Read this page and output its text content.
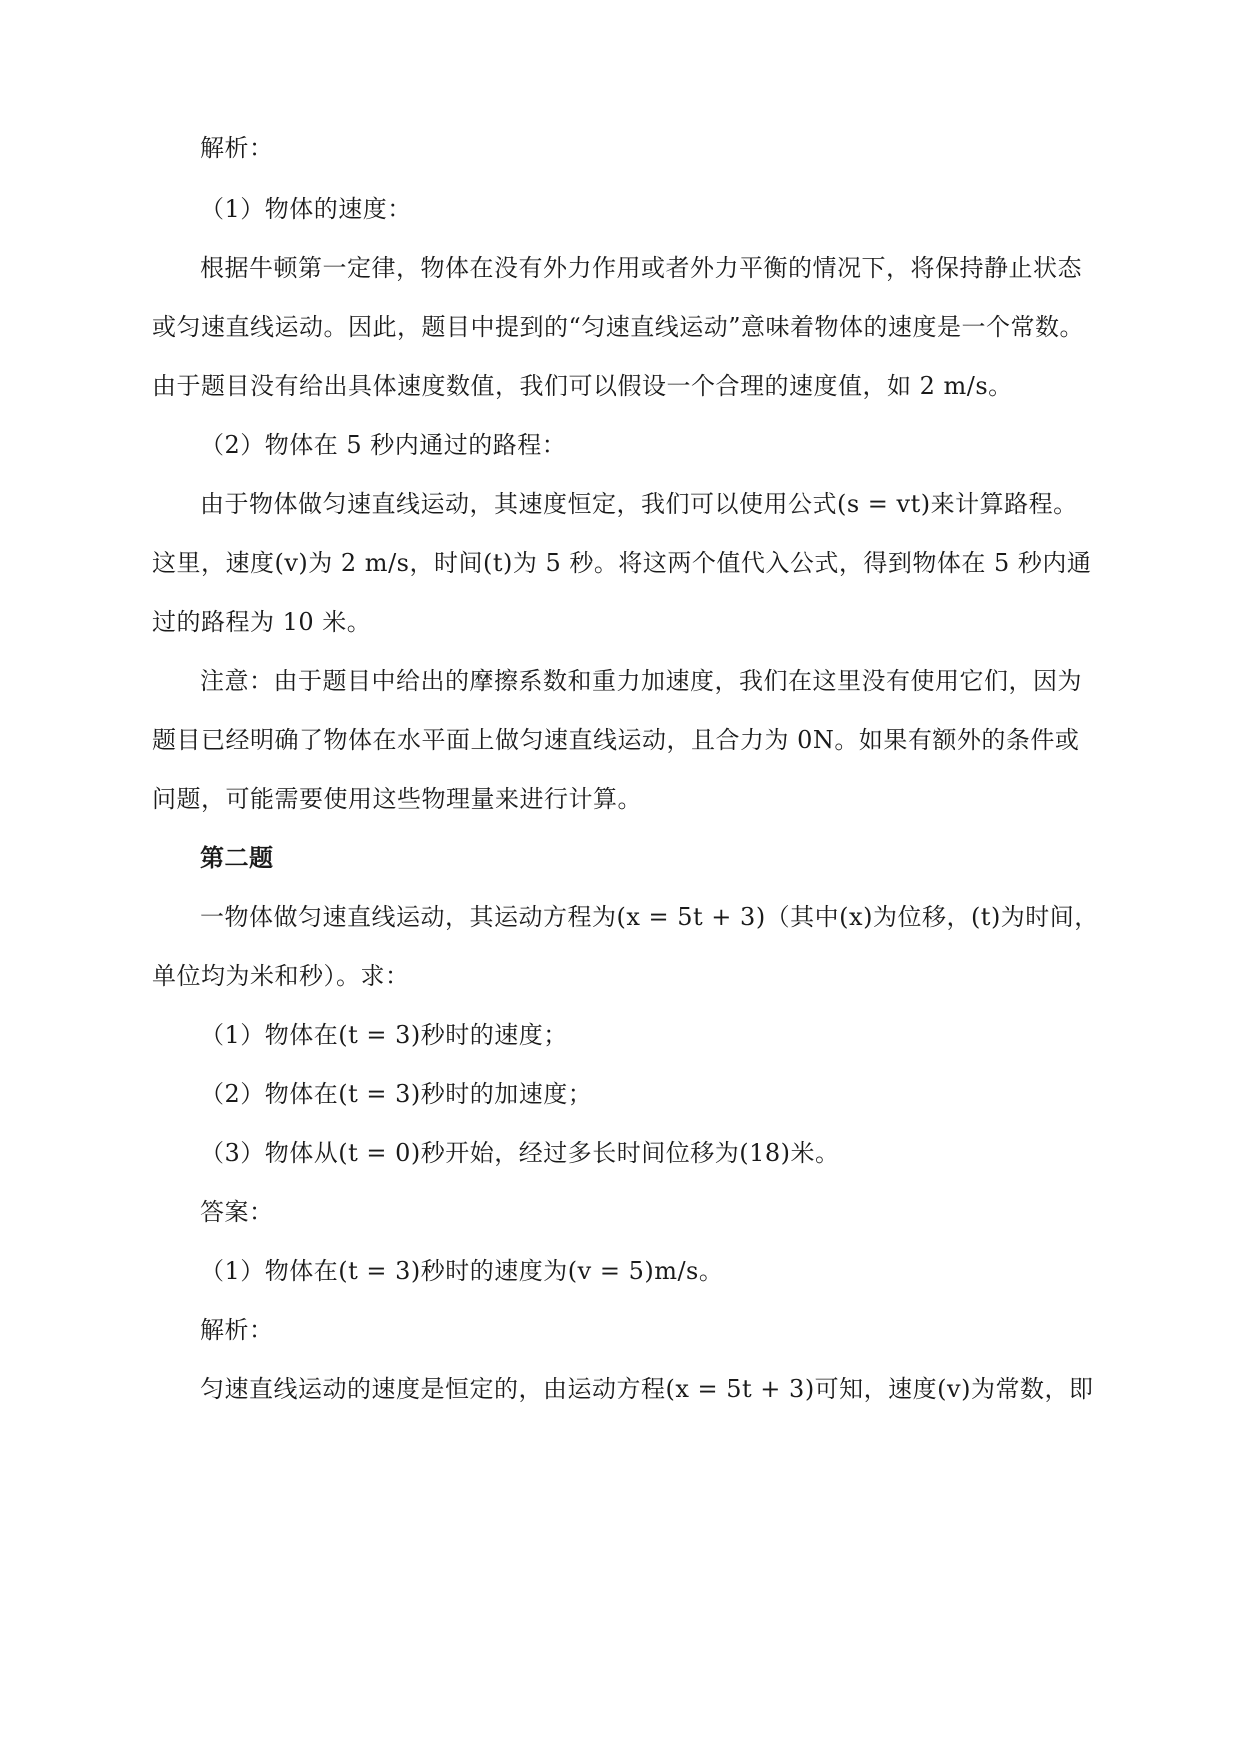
解析：

（1）物体的速度：

根据牛顿第一定律，物体在没有外力作用或者外力平衡的情况下，将保持静止状态

或匀速直线运动。因此，题目中提到的“匀速直线运动”意味着物体的速度是一个常数。

由于题目没有给出具体速度数值，我们可以假设一个合理的速度值，如 2 m/s。

（2）物体在 5 秒内通过的路程：

由于物体做匀速直线运动，其速度恒定，我们可以使用公式(s = vt)来计算路程。

这里，速度(v)为 2 m/s，时间(t)为 5 秒。将这两个值代入公式，得到物体在 5 秒内通

过的路程为 10 米。

注意：由于题目中给出的摩擦系数和重力加速度，我们在这里没有使用它们，因为

题目已经明确了物体在水平面上做匀速直线运动，且合力为 0N。如果有额外的条件或

问题，可能需要使用这些物理量来进行计算。

第二题

一物体做匀速直线运动，其运动方程为(x = 5t + 3)（其中(x)为位移，(t)为时间，

单位均为米和秒）。求：

（1）物体在(t = 3)秒时的速度；

（2）物体在(t = 3)秒时的加速度；

（3）物体从(t = 0)秒开始，经过多长时间位移为(18)米。

答案：

（1）物体在(t = 3)秒时的速度为(v = 5)m/s。

解析：

匀速直线运动的速度是恒定的，由运动方程(x = 5t + 3)可知，速度(v)为常数，即
